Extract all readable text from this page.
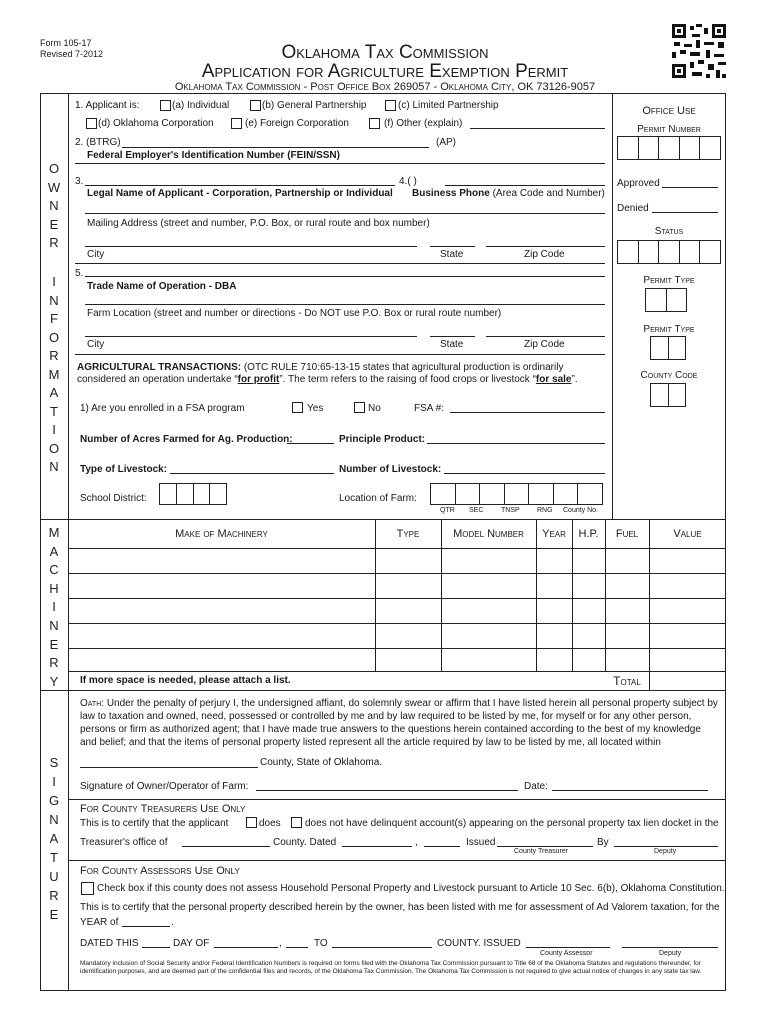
Form 105-17
Revised 7-2012	Oklahoma Tax Commission
Application for Agriculture Exemption Permit
Oklahoma Tax Commission - Post Office Box 269057 - Oklahoma City, OK 73126-9057
O
W
N
E
R
I
N
F
O
R
M
A
T
I
O
N
M
A
C
H
I
N
E
R
Y
S
I
G
N
A
T
U
R
E
1. Applicant is:	(a) Individual	(b) General Partnership	(c) Limited Partnership
(d) Oklahoma Corporation	(e) Foreign Corporation	(f) Other (explain)
2. (BTRG)	(AP)
Federal Employer's Identification Number (FEIN/SSN)
3.	4.( )
Legal Name of Applicant - Corporation, Partnership or Individual Business Phone (Area Code and Number)
Mailing Address (street and number, P.O. Box, or rural route and box number)
City	State	Zip Code
5.
Trade Name of Operation - DBA
Farm Location (street and number or directions - Do NOT use P.O. Box or rural route number)
City	State	Zip Code
AGRICULTURAL TRANSACTIONS: (OTC RULE 710:65-13-15 states that agricultural production is ordinarily considered an operation undertake “for profit”. The term refers to the raising of food crops or livestock “for sale”.
1) Are you enrolled in a FSA program	Yes	No	FSA #:
Number of Acres Farmed for Ag. Production:	Principle Product:
Type of Livestock:	Number of Livestock:
School District:	Location of Farm:
QTR SEC	TNSP RNG County No.
Office Use
Permit Number
Approved
Denied
Status
Permit Type
Permit Type
County Code
Make of Machinery	Type	Model Number	Year	H.P.	Fuel	Value
If more space is needed, please attach a list.	Total
Oath: Under the penalty of perjury I, the undersigned affiant, do solemnly swear or affirm that I have listed herein all personal property subject by law to taxation and owned, need, possessed or controlled by me and by law required to be listed by me, for myself or for any other person, persons or firm as authorized agent; that I have made true answers to the questions herein contained according to the best of my knowledge and belief; and that the items of personal property listed represent all the article required by law to be listed by me, all located within
County, State of Oklahoma.
Signature of Owner/Operator of Farm:	Date:
For County Treasurers Use Only
This is to certify that the applicant	does does not have delinquent account(s) appearing on the personal property tax lien docket in the
Treasurer's office of	County. Dated	,	Issued	By
County Treasurer	Deputy
For County Assessors Use Only
Check box if this county does not assess Household Personal Property and Livestock pursuant to Article 10 Sec. 6(b), Oklahoma Constitution.
This is to certify that the personal property described herein by the owner, has been listed with me for assessment of Ad Valorem taxation, for the
YEAR of	.
DATED THIS	DAY OF	,	TO	COUNTY. ISSUED
County Assessor	Deputy
Mandatory inclusion of Social Security and/or Federal Identification Numbers is required on forms filed with the Oklahoma Tax Commission pursuant to Title 68 of the Oklahoma Statutes and regulations thereunder, for identification purposes, and are deemed part of the confidential files and records, of the Oklahoma Tax Commission. The Oklahoma Tax Commission is not required to give actual notice of changes in any state tax law.
